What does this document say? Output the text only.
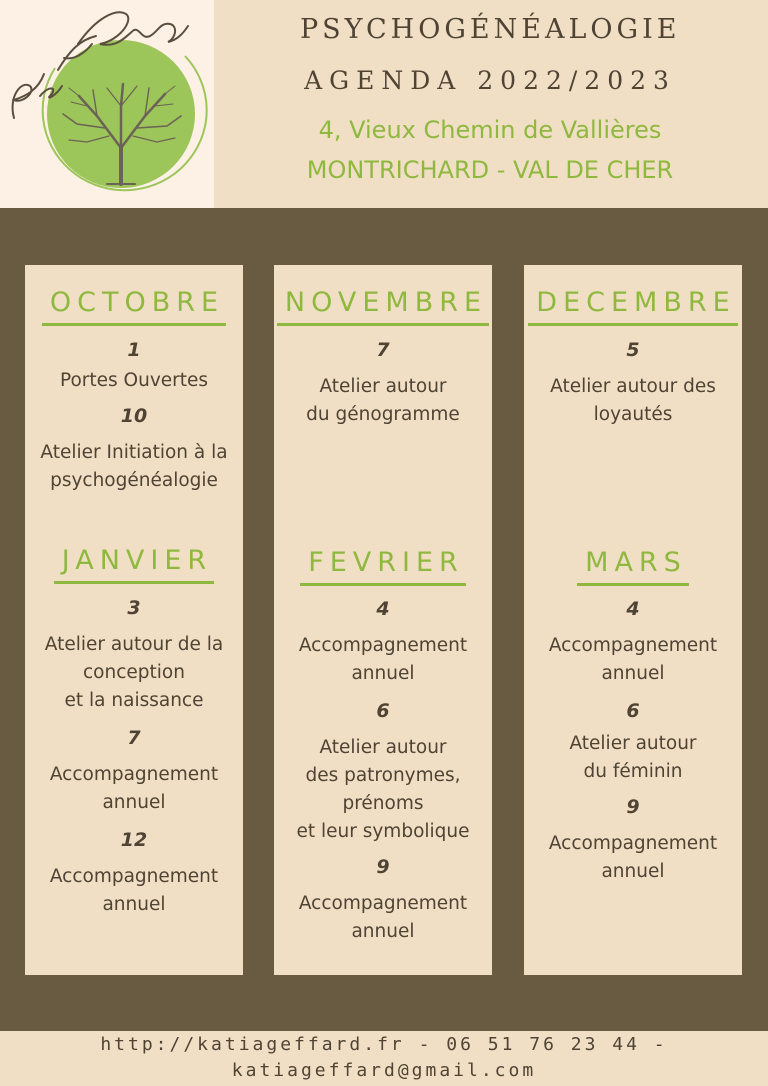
PSYCHOGÉNÉALOGIE
AGENDA 2022/2023
4, Vieux Chemin de Vallières
MONTRICHARD - VAL DE CHER
OCTOBRE
1
Portes Ouvertes
10
Atelier Initiation à la
psychogénéalogie
JANVIER
3
Atelier autour de la
conception
et la naissance
7
Accompagnement
annuel
12
Accompagnement
annuel
NOVEMBRE
7
Atelier autour
du génogramme
FEVRIER
4
Accompagnement
annuel
6
Atelier autour
des patronymes,
prénoms
et leur symbolique
9
Accompagnement
annuel
DECEMBRE
5
Atelier autour des
loyautés
MARS
4
Accompagnement
annuel
6
Atelier autour
du féminin
9
Accompagnement
annuel
http://katiageffard.fr - 06 51 76 23 44 -
katiageffard@gmail.com
